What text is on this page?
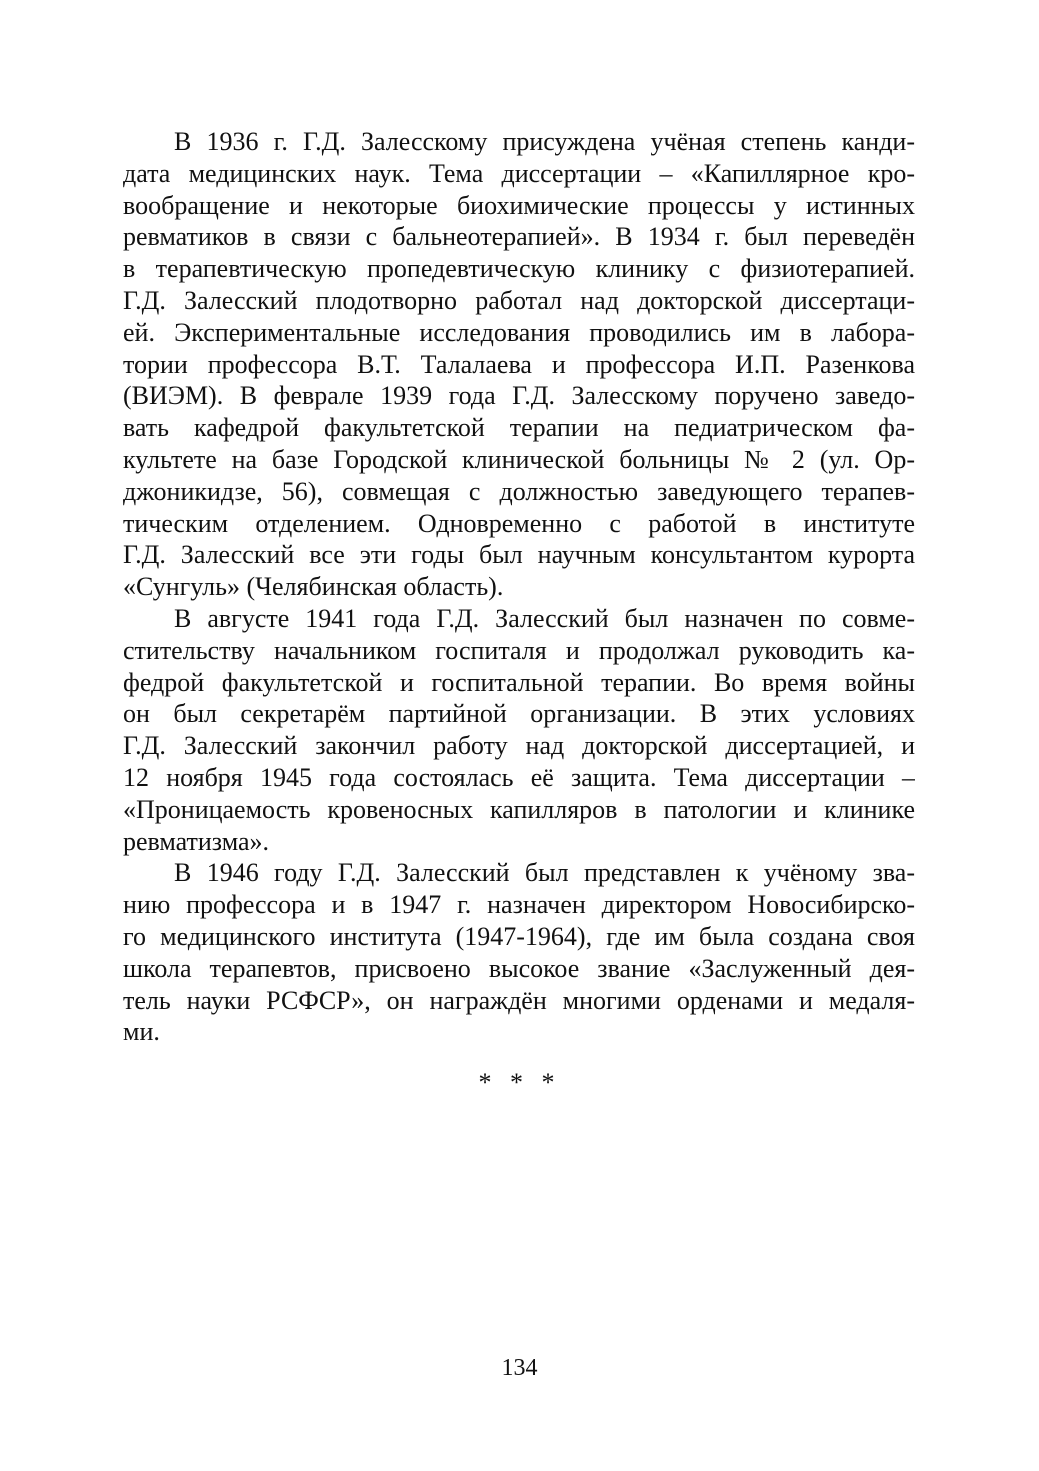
В 1936 г. Г.Д. Залесскому присуждена учёная степень канди-
дата медицинских наук. Тема диссертации – «Капиллярное кро-
вообращение и некоторые биохимические процессы у истинных
ревматиков в связи с бальнеотерапией». В 1934 г. был переведён
в терапевтическую пропедевтическую клинику с физиотерапией.
Г.Д. Залесский плодотворно работал над докторской диссертаци-
ей. Экспериментальные исследования проводились им в лабора-
тории профессора В.Т. Талалаева и профессора И.П. Разенкова
(ВИЭМ). В феврале 1939 года Г.Д. Залесскому поручено заведо-
вать кафедрой факультетской терапии на педиатрическом фа-
культете на базе Городской клинической больницы № 2 (ул. Ор-
джоникидзе, 56), совмещая с должностью заведующего терапев-
тическим отделением. Одновременно с работой в институте
Г.Д. Залесский все эти годы был научным консультантом курорта
«Сунгуль» (Челябинская область).
В августе 1941 года Г.Д. Залесский был назначен по совме-
стительству начальником госпиталя и продолжал руководить ка-
федрой факультетской и госпитальной терапии. Во время войны
он был секретарём партийной организации. В этих условиях
Г.Д. Залесский закончил работу над докторской диссертацией, и
12 ноября 1945 года состоялась её защита. Тема диссертации –
«Проницаемость кровеносных капилляров в патологии и клинике
ревматизма».
В 1946 году Г.Д. Залесский был представлен к учёному зва-
нию профессора и в 1947 г. назначен директором Новосибирско-
го медицинского института (1947-1964), где им была создана своя
школа терапевтов, присвоено высокое звание «Заслуженный дея-
тель науки РСФСР», он награждён многими орденами и медаля-
ми.
* * *
134
